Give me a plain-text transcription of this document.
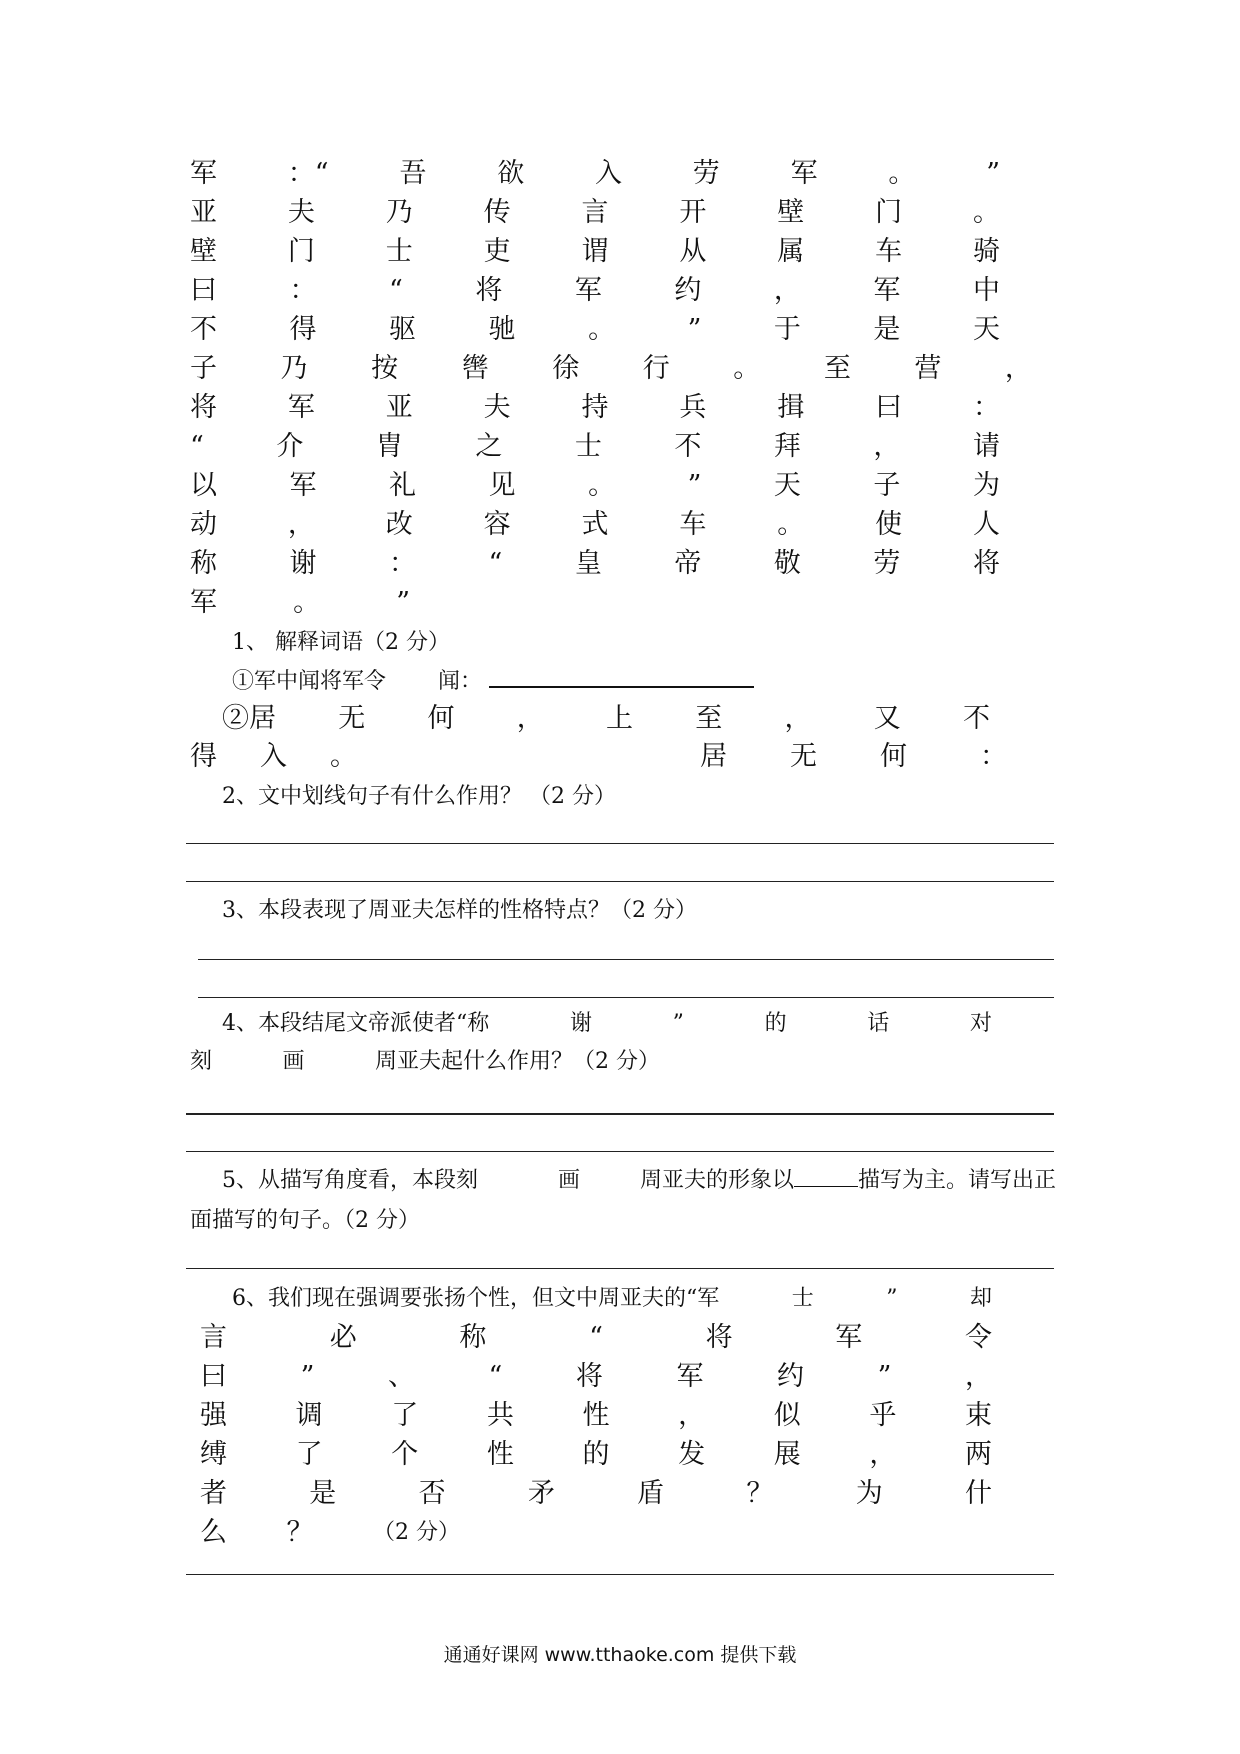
军	：“	吾	欲	入	劳	军	。	”
亚	夫	乃	传	言	开	壁	门	。
壁	门	士	吏	谓	从	属	车	骑
曰	：	“	将	军	约	，	军	中
不	得	驱	驰	。	”	于	是	天
子 乃 按 辔 徐 行 。 至 营 ，
将	军	亚	夫	持	兵	揖	曰	：
“	介	胄	之	士	不	拜	，	请
以	军	礼	见	。	”	天	子	为
动	，	改	容	式	车	。	使	人
称	谢	：	“	皇	帝	敬	劳	将
军	。	”
1、 解释词语（2 分）
①军中闻将军令 闻：
②居 无 何 ， 上 至 ， 又 不
得 入 。	居 无 何	：
2、文中划线句子有什么作用？ （2 分）
3、本段表现了周亚夫怎样的性格特点？（2 分）
4、本段结尾文帝派使者“称	谢	”	的	话	对
刻	画	周亚夫起什么作用？（2 分）
5、从描写角度看，本段刻	画	周亚夫的形象以	描写为主。请写出正
面描写的句子。（2 分）
6、我们现在强调要张扬个性，但文中周亚夫的“军	士	”	却
言	必	称	“	将	军	令
曰	”	、	“	将	军	约	”	，
强	调	了	共	性	，	似	乎	束
缚	了	个	性	的	发	展	，	两
者	是	否	矛	盾	？	为	什
么 ？	（2 分）
通通好课网 www.tthaoke.com 提供下载
